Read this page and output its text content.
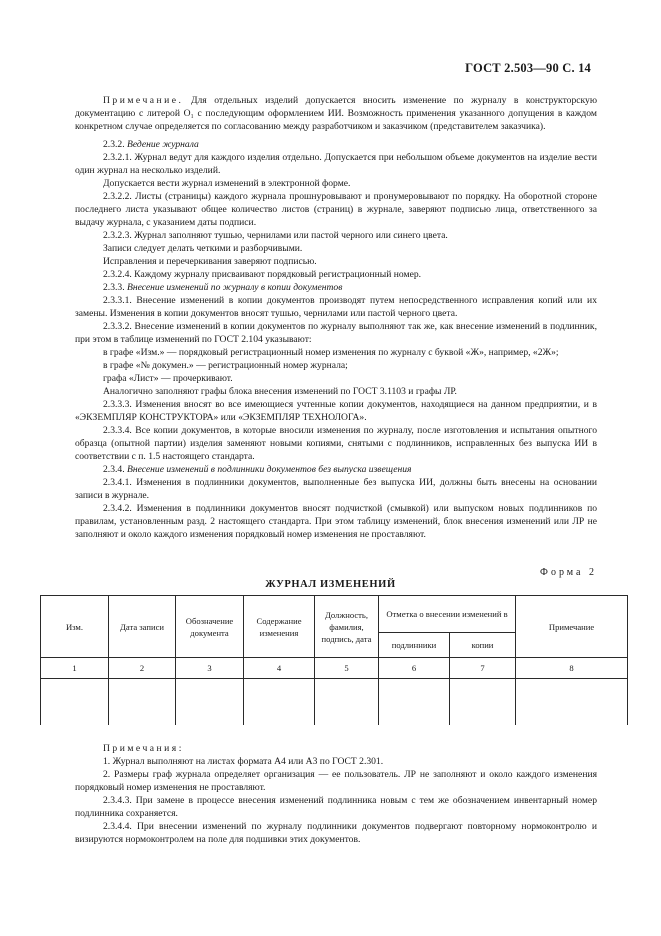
ГОСТ 2.503—90 С. 14

Примечание. Для отдельных изделий допускается вносить изменение по журналу в конструкторскую документацию с литерой О₁ с последующим оформлением ИИ. Возможность применения указанного допущения в каждом конкретном случае определяется по согласованию между разработчиком и заказчиком (представителем заказчика).

2.3.2. Ведение журнала

2.3.2.1. Журнал ведут для каждого изделия отдельно. Допускается при небольшом объеме документов на изделие вести один журнал на несколько изделий.

Допускается вести журнал изменений в электронной форме.

2.3.2.2. Листы (страницы) каждого журнала прошнуровывают и пронумеровывают по порядку. На оборотной стороне последнего листа указывают общее количество листов (страниц) в журнале, заверяют подписью лица, ответственного за выдачу журнала, с указанием даты подписи.

2.3.2.3. Журнал заполняют тушью, чернилами или пастой черного или синего цвета.

Записи следует делать четкими и разборчивыми.

Исправления и перечеркивания заверяют подписью.

2.3.2.4. Каждому журналу присваивают порядковый регистрационный номер.

2.3.3. Внесение изменений по журналу в копии документов

2.3.3.1. Внесение изменений в копии документов производят путем непосредственного исправления копий или их замены. Изменения в копии документов вносят тушью, чернилами или пастой черного цвета.

2.3.3.2. Внесение изменений в копии документов по журналу выполняют так же, как внесение изменений в подлинник, при этом в таблице изменений по ГОСТ 2.104 указывают:

в графе «Изм.» — порядковый регистрационный номер изменения по журналу с буквой «Ж», например, «2Ж»;

в графе «№ докумен.» — регистрационный номер журнала;

графа «Лист» — прочеркивают.

Аналогично заполняют графы блока внесения изменений по ГОСТ 3.1103 и графы ЛР.

2.3.3.3. Изменения вносят во все имеющиеся учтенные копии документов, находящиеся на данном предприятии, и в «ЭКЗЕМПЛЯР КОНСТРУКТОРА» или «ЭКЗЕМПЛЯР ТЕХНОЛОГА».

2.3.3.4. Все копии документов, в которые вносили изменения по журналу, после изготовления и испытания опытного образца (опытной партии) изделия заменяют новыми копиями, снятыми с подлинников, исправленных без выпуска ИИ в соответствии с п. 1.5 настоящего стандарта.

2.3.4. Внесение изменений в подлинники документов без выпуска извещения

2.3.4.1. Изменения в подлинники документов, выполненные без выпуска ИИ, должны быть внесены на основании записи в журнале.

2.3.4.2. Изменения в подлинники документов вносят подчисткой (смывкой) или выпуском новых подлинников по правилам, установленным разд. 2 настоящего стандарта. При этом таблицу изменений, блок внесения изменений или ЛР не заполняют и около каждого изменения порядковый номер изменения не проставляют.

Форма 2
ЖУРНАЛ ИЗМЕНЕНИЙ
Изм.	Дата записи	Обозначение документа	Содержание изменения	Должность, фамилия, подпись, дата	Отметка о внесении изменений в		Примечание
					подлинники	копии	
1	2	3	4	5	6	7	8

Примечания:

1. Журнал выполняют на листах формата А4 или А3 по ГОСТ 2.301.

2. Размеры граф журнала определяет организация — ее пользователь. ЛР не заполняют и около каждого изменения порядковый номер изменения не проставляют.

2.3.4.3. При замене в процессе внесения изменений подлинника новым с тем же обозначением инвентарный номер подлинника сохраняется.

2.3.4.4. При внесении изменений по журналу подлинники документов подвергают повторному нормоконтролю и визируются нормоконтролем на поле для подшивки этих документов.
